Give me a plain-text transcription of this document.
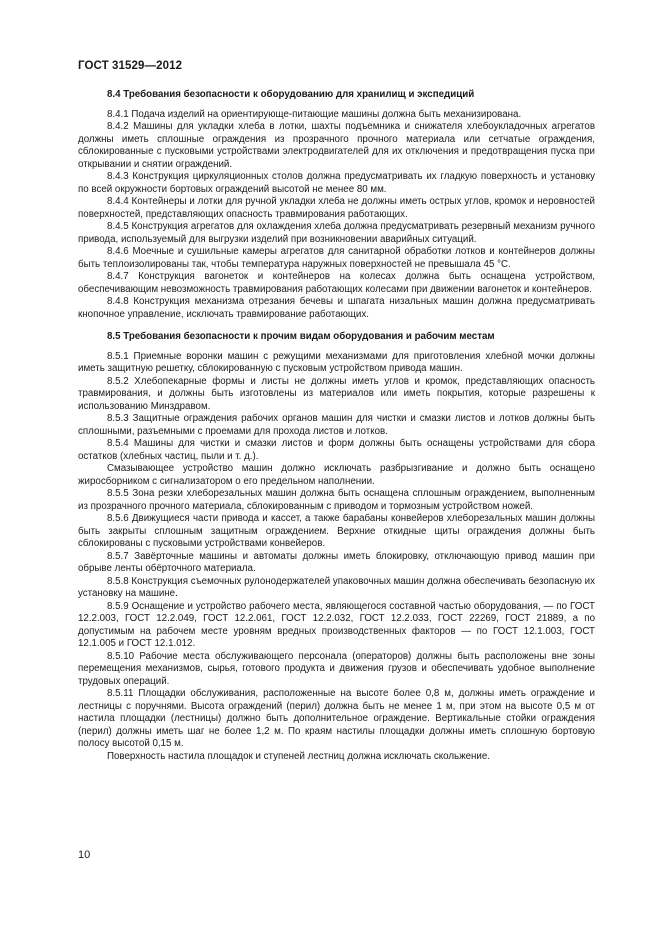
ГОСТ 31529—2012

8.4 Требования безопасности к оборудованию для хранилищ и экспедиций

8.4.1 Подача изделий на ориентирующе-питающие машины должна быть механизирована.

8.4.2 Машины для укладки хлеба в лотки, шахты подъемника и снижателя хлебоукладочных агрегатов должны иметь сплошные ограждения из прозрачного прочного материала или сетчатые ограждения, сблокированные с пусковыми устройствами электродвигателей для их отключения и предотвращения пуска при открывании и снятии ограждений.

8.4.3 Конструкция циркуляционных столов должна предусматривать их гладкую поверхность и установку по всей окружности бортовых ограждений высотой не менее 80 мм.

8.4.4 Контейнеры и лотки для ручной укладки хлеба не должны иметь острых углов, кромок и неровностей поверхностей, представляющих опасность травмирования работающих.

8.4.5 Конструкция агрегатов для охлаждения хлеба должна предусматривать резервный механизм ручного привода, используемый для выгрузки изделий при возникновении аварийных ситуаций.

8.4.6 Моечные и сушильные камеры агрегатов для санитарной обработки лотков и контейнеров должны быть теплоизолированы так, чтобы температура наружных поверхностей не превышала 45 °С.

8.4.7 Конструкция вагонеток и контейнеров на колесах должна быть оснащена устройством, обеспечивающим невозможность травмирования работающих колесами при движении вагонеток и контейнеров.

8.4.8 Конструкция механизма отрезания бечевы и шпагата низальных машин должна предусматривать кнопочное управление, исключать травмирование работающих.

8.5 Требования безопасности к прочим видам оборудования и рабочим местам

8.5.1 Приемные воронки машин с режущими механизмами для приготовления хлебной мочки должны иметь защитную решетку, сблокированную с пусковым устройством привода машин.

8.5.2 Хлебопекарные формы и листы не должны иметь углов и кромок, представляющих опасность травмирования, и должны быть изготовлены из материалов или иметь покрытия, которые разрешены к использованию Минздравом.

8.5.3 Защитные ограждения рабочих органов машин для чистки и смазки листов и лотков должны быть сплошными, разъемными с проемами для прохода листов и лотков.

8.5.4 Машины для чистки и смазки листов и форм должны быть оснащены устройствами для сбора остатков (хлебных частиц, пыли и т. д.).

Смазывающее устройство машин должно исключать разбрызгивание и должно быть оснащено жиросборником с сигнализатором о его предельном наполнении.

8.5.5 Зона резки хлеборезальных машин должна быть оснащена сплошным ограждением, выполненным из прозрачного прочного материала, сблокированным с приводом и тормозным устройством ножей.

8.5.6 Движущиеся части привода и кассет, а также барабаны конвейеров хлеборезальных машин должны быть закрыты сплошным защитным ограждением. Верхние откидные щиты ограждения должны быть сблокированы с пусковыми устройствами конвейеров.

8.5.7 Завёрточные машины и автоматы должны иметь блокировку, отключающую привод машин при обрыве ленты обёрточного материала.

8.5.8 Конструкция съемочных рулонодержателей упаковочных машин должна обеспечивать безопасную их установку на машине.

8.5.9 Оснащение и устройство рабочего места, являющегося составной частью оборудования, — по ГОСТ 12.2.003, ГОСТ 12.2.049, ГОСТ 12.2.061, ГОСТ 12.2.032, ГОСТ 12.2.033, ГОСТ 22269, ГОСТ 21889, а по допустимым на рабочем месте уровням вредных производственных факторов — по ГОСТ 12.1.003, ГОСТ 12.1.005 и ГОСТ 12.1.012.

8.5.10 Рабочие места обслуживающего персонала (операторов) должны быть расположены вне зоны перемещения механизмов, сырья, готового продукта и движения грузов и обеспечивать удобное выполнение трудовых операций.

8.5.11 Площадки обслуживания, расположенные на высоте более 0,8 м, должны иметь ограждение и лестницы с поручнями. Высота ограждений (перил) должна быть не менее 1 м, при этом на высоте 0,5 м от настила площадки (лестницы) должно быть дополнительное ограждение. Вертикальные стойки ограждения (перил) должны иметь шаг не более 1,2 м. По краям настилы площадки должны иметь сплошную бортовую полосу высотой 0,15 м.

Поверхность настила площадок и ступеней лестниц должна исключать скольжение.

10
